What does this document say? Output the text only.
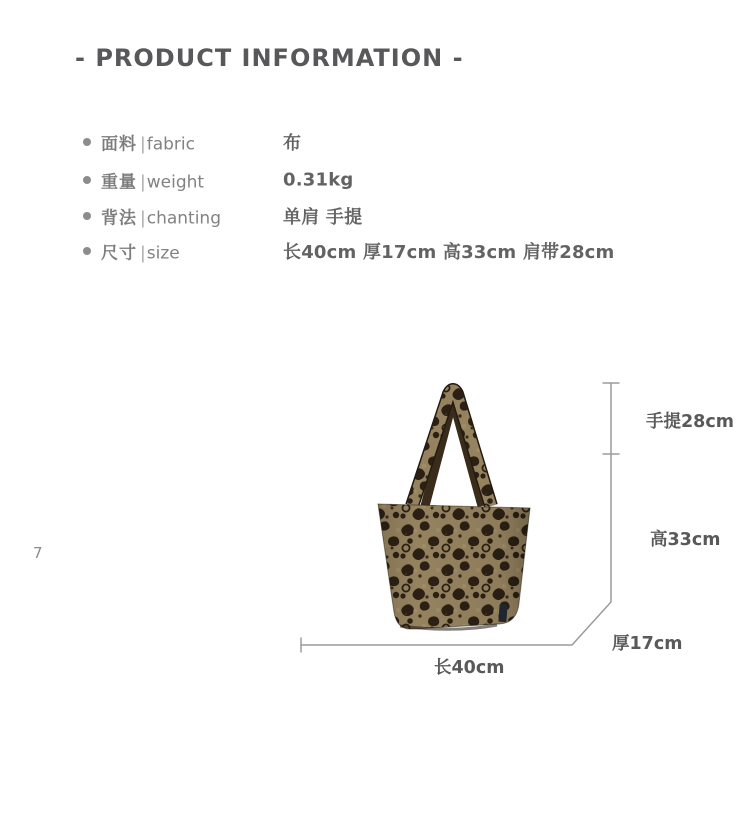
- PRODUCT INFORMATION -
面料 |fabric	布
重量 |weight	0.31kg
背法 |chanting	单肩 手提
尺寸 |size	长40cm 厚17cm 高33cm 肩带28cm
7
手提28cm
高33cm
厚17cm
长40cm
